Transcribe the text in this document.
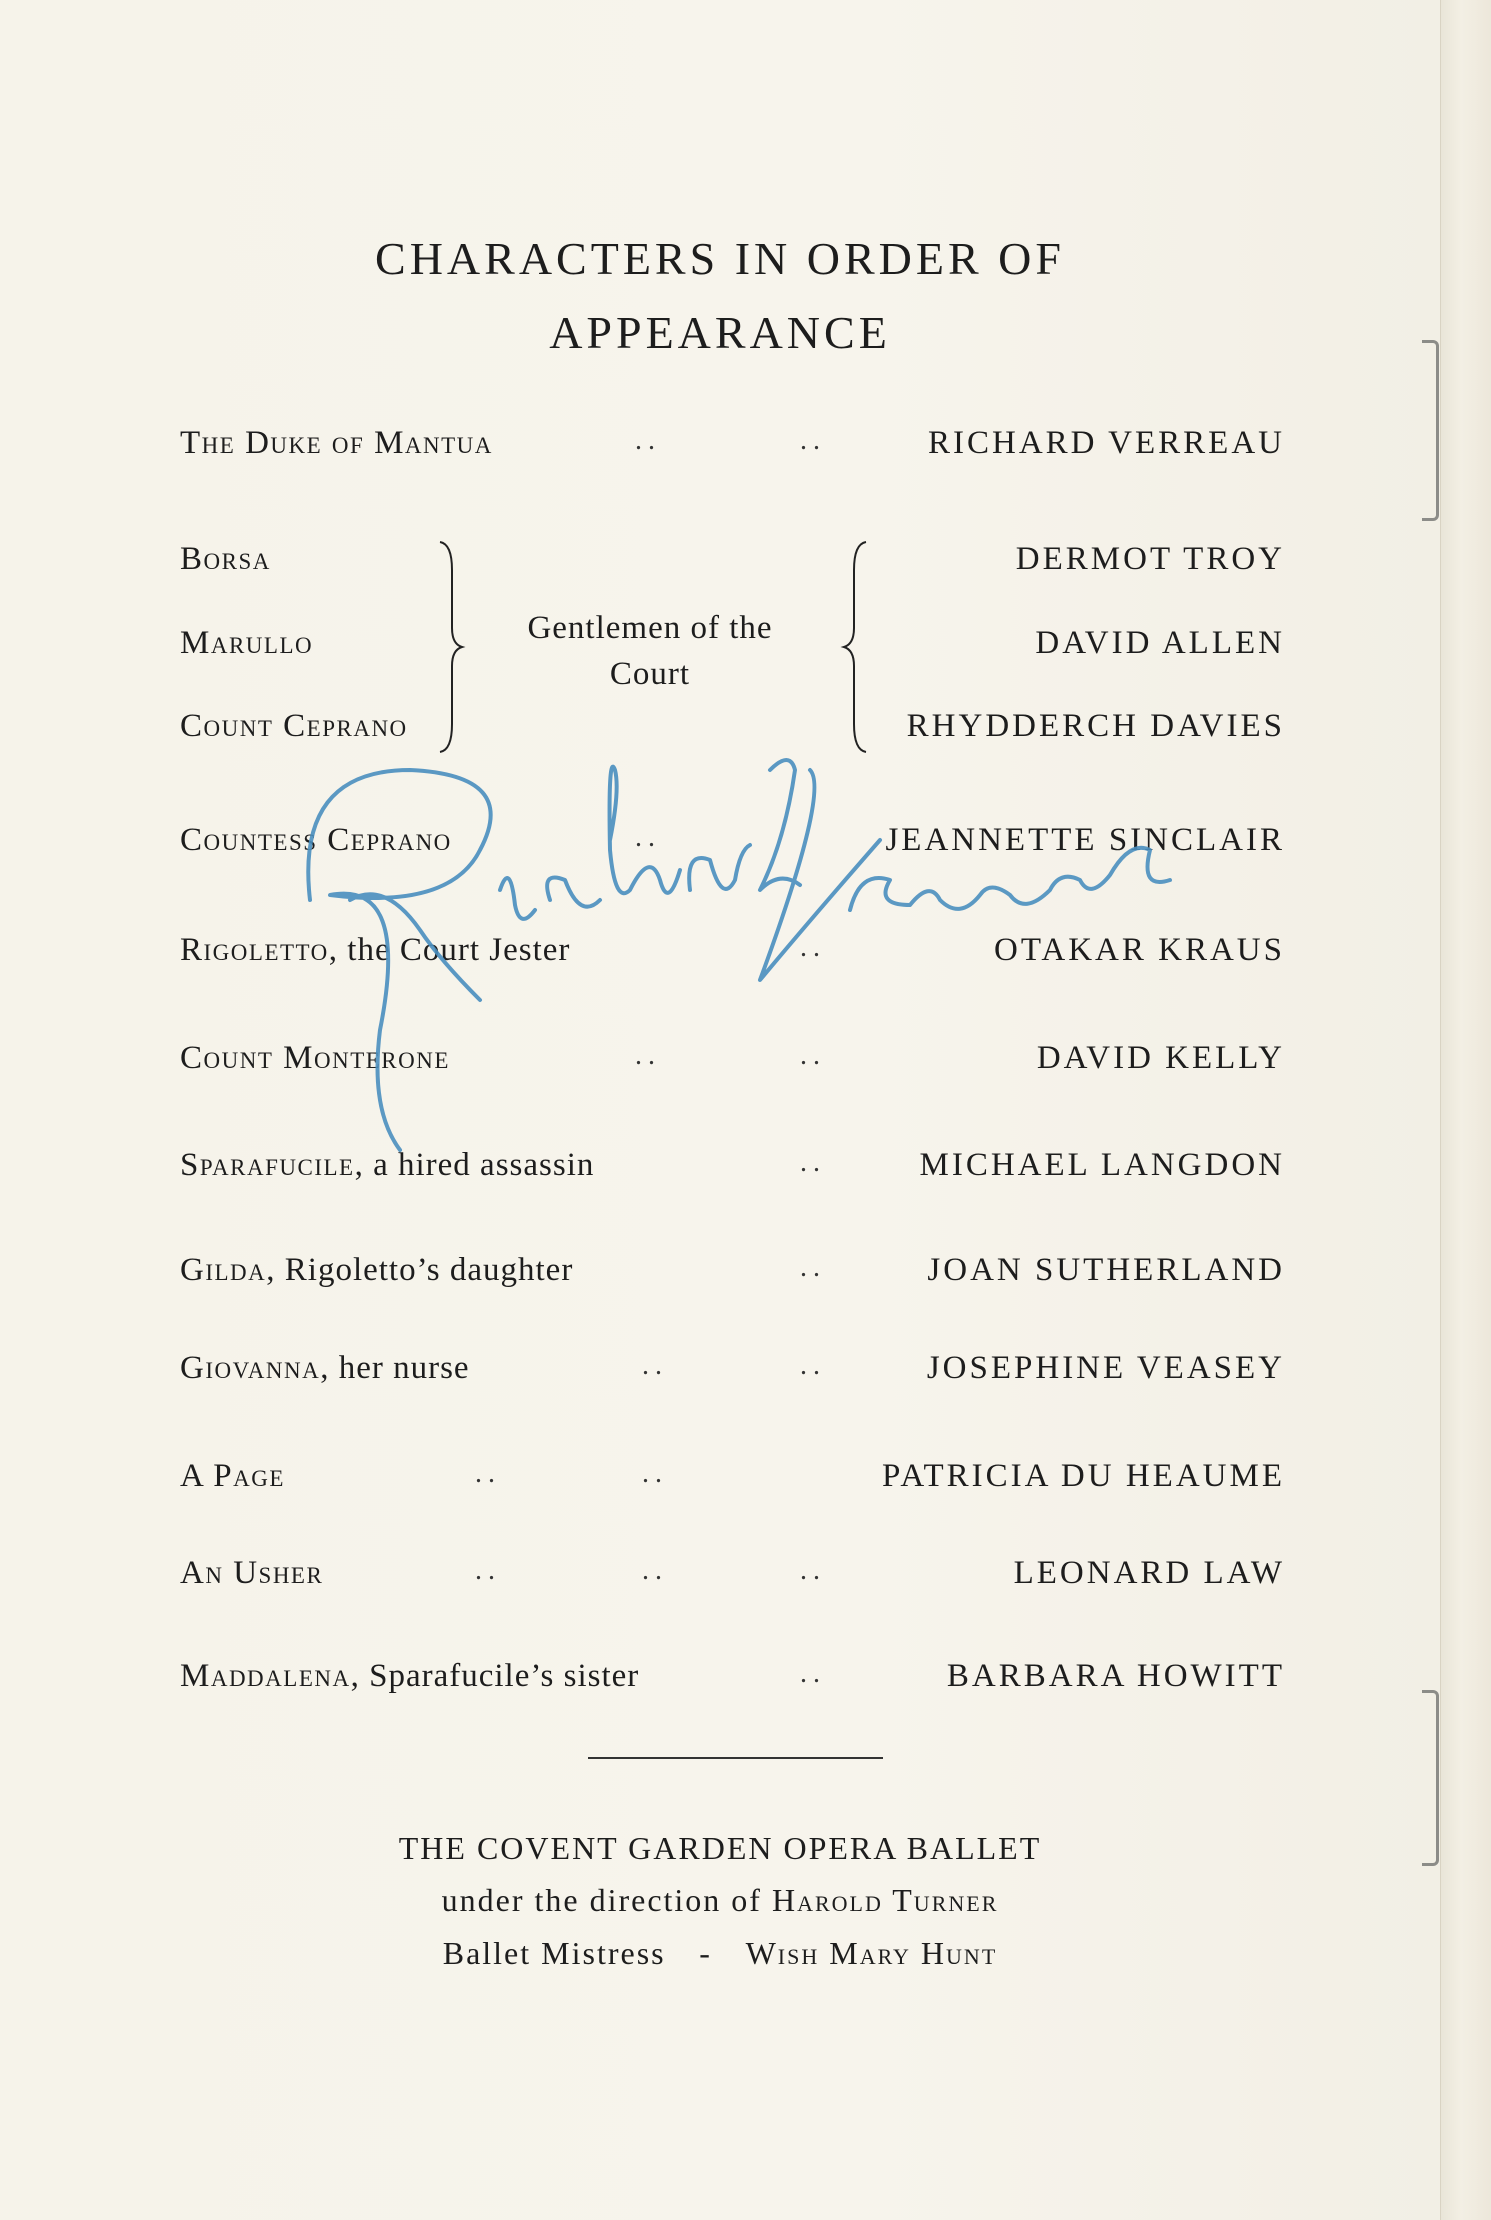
CHARACTERS IN ORDER OF
APPEARANCE
The Duke of Mantua	..	..	RICHARD VERREAU
Borsa	DERMOT TROY
Marullo	DAVID ALLEN
Count Ceprano	RHYDDERCH DAVIES
Gentlemen of the
Court
Countess Ceprano	..	JEANNETTE SINCLAIR
Rigoletto, the Court Jester	..	OTAKAR KRAUS
Count Monterone	..	..	DAVID KELLY
Sparafucile, a hired assassin	..	MICHAEL LANGDON
Gilda, Rigoletto’s daughter	..	JOAN SUTHERLAND
Giovanna, her nurse	..	..	JOSEPHINE VEASEY
A Page	..	..	PATRICIA DU HEAUME
An Usher	..	..	..	LEONARD LAW
Maddalena, Sparafucile’s sister	..	BARBARA HOWITT
THE COVENT GARDEN OPERA BALLET
under the direction of Harold Turner
Ballet Mistress - Wish Mary Hunt
